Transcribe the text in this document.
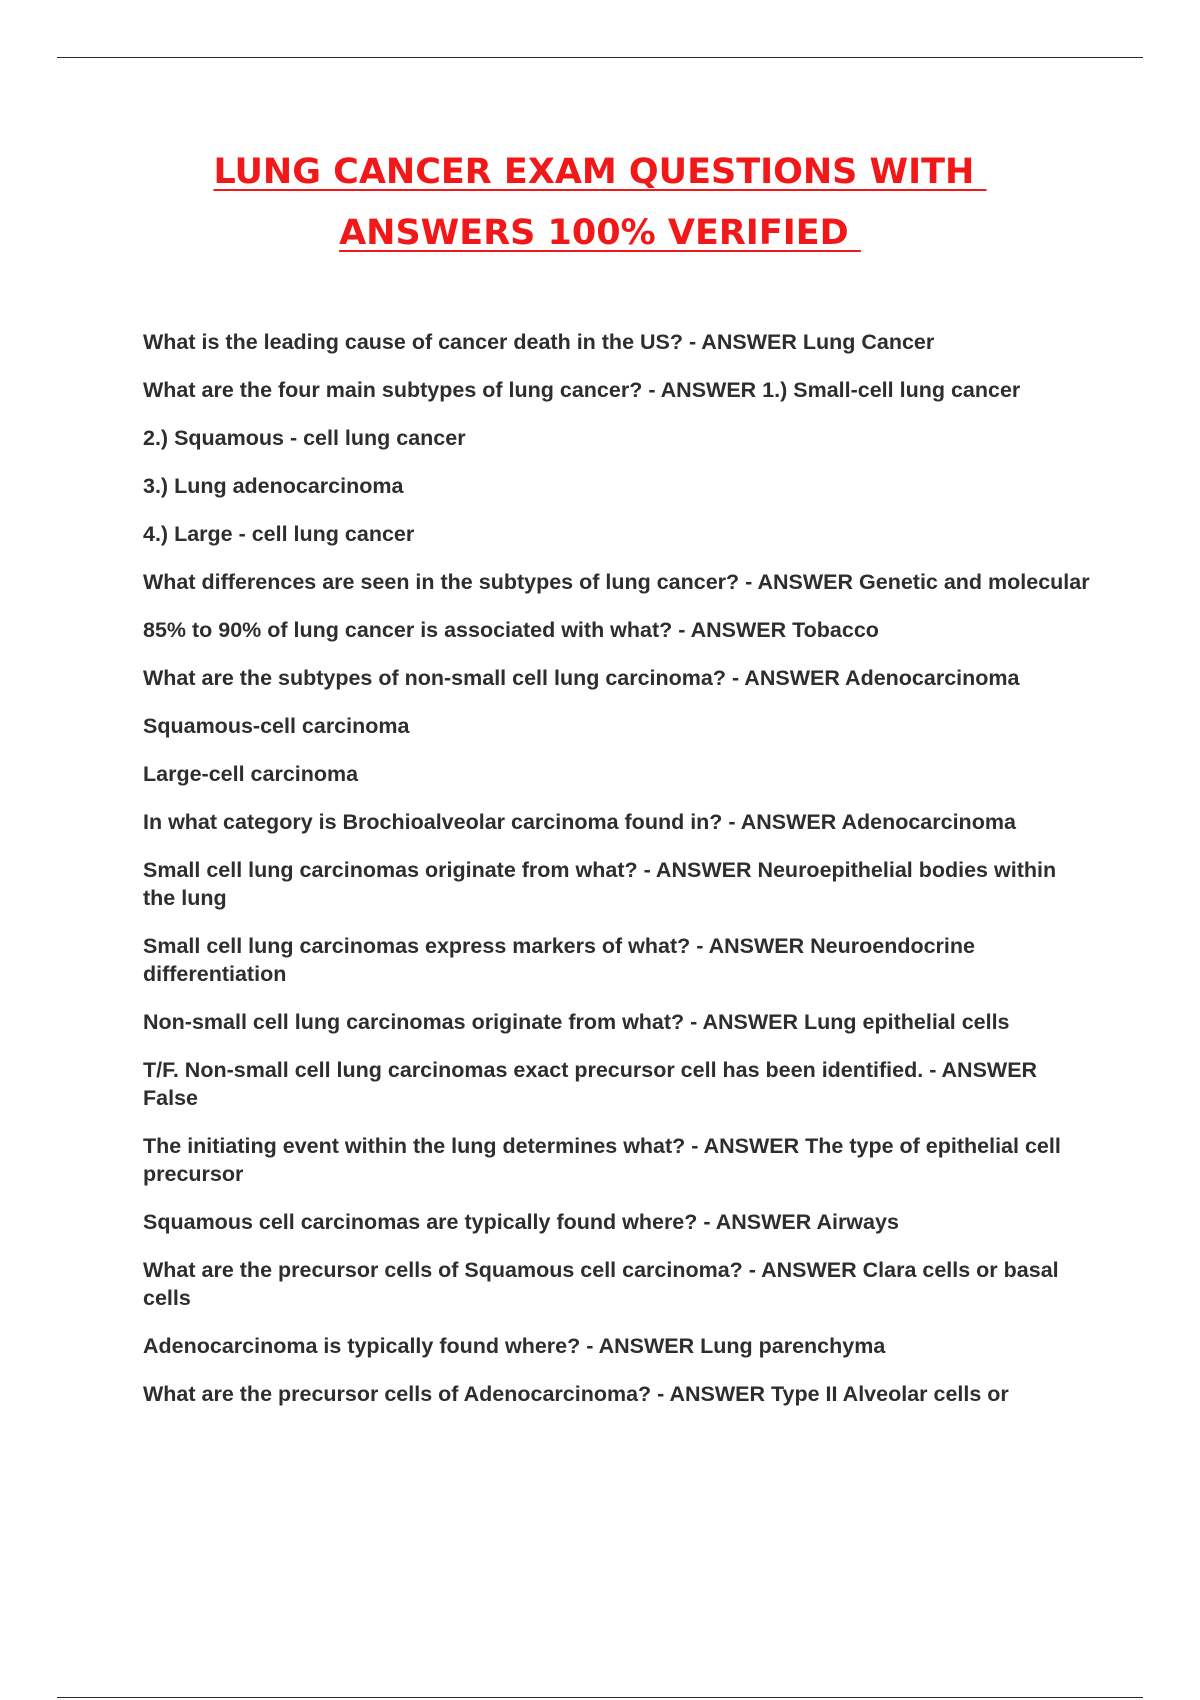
LUNG CANCER EXAM QUESTIONS WITH
ANSWERS 100% VERIFIED

What is the leading cause of cancer death in the US? - ANSWER Lung Cancer

What are the four main subtypes of lung cancer? - ANSWER 1.) Small-cell lung cancer

2.) Squamous - cell lung cancer

3.) Lung adenocarcinoma

4.) Large - cell lung cancer

What differences are seen in the subtypes of lung cancer? - ANSWER Genetic and molecular

85% to 90% of lung cancer is associated with what? - ANSWER Tobacco

What are the subtypes of non-small cell lung carcinoma? - ANSWER Adenocarcinoma

Squamous-cell carcinoma

Large-cell carcinoma

In what category is Brochioalveolar carcinoma found in? - ANSWER Adenocarcinoma

Small cell lung carcinomas originate from what? - ANSWER Neuroepithelial bodies within the lung

Small cell lung carcinomas express markers of what? - ANSWER Neuroendocrine differentiation

Non-small cell lung carcinomas originate from what? - ANSWER Lung epithelial cells

T/F. Non-small cell lung carcinomas exact precursor cell has been identified. - ANSWER False

The initiating event within the lung determines what? - ANSWER The type of epithelial cell precursor

Squamous cell carcinomas are typically found where? - ANSWER Airways

What are the precursor cells of Squamous cell carcinoma? - ANSWER Clara cells or basal cells

Adenocarcinoma is typically found where? - ANSWER Lung parenchyma

What are the precursor cells of Adenocarcinoma? - ANSWER Type II Alveolar cells or
